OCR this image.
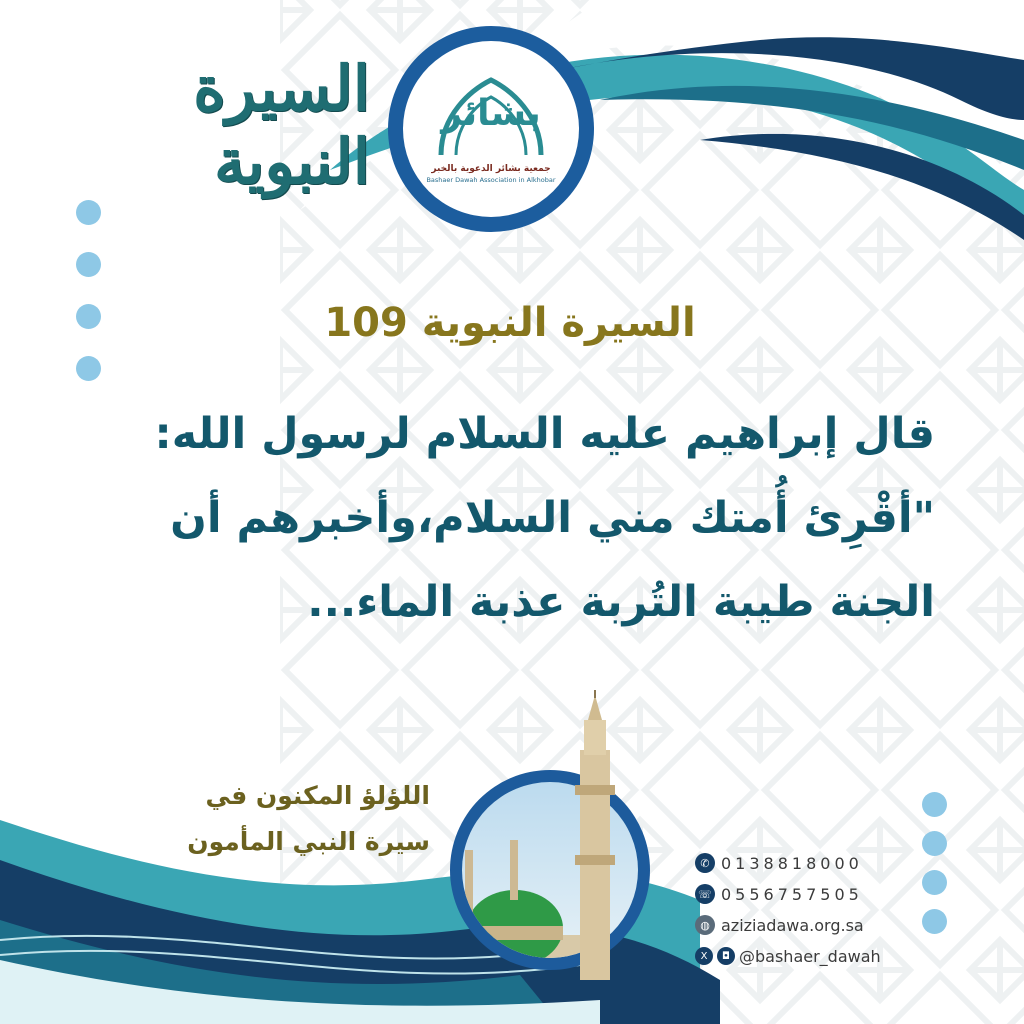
السيرة النبوية
بشائر
جمعية بشائر الدعوية بالخبر
Bashaer Dawah Association in Alkhobar
السيرة النبوية 109
قال إبراهيم عليه السلام لرسول الله:
"أقْرِئ أُمتك مني السلام،وأخبرهم أن
الجنة طيبة التُربة عذبة الماء...
اللؤلؤ المكنون في
سيرة النبي المأمون
✆ 0138818000
☏ 0556757505
◍ aziziadawa.org.sa
X	◘ @bashaer_dawah
